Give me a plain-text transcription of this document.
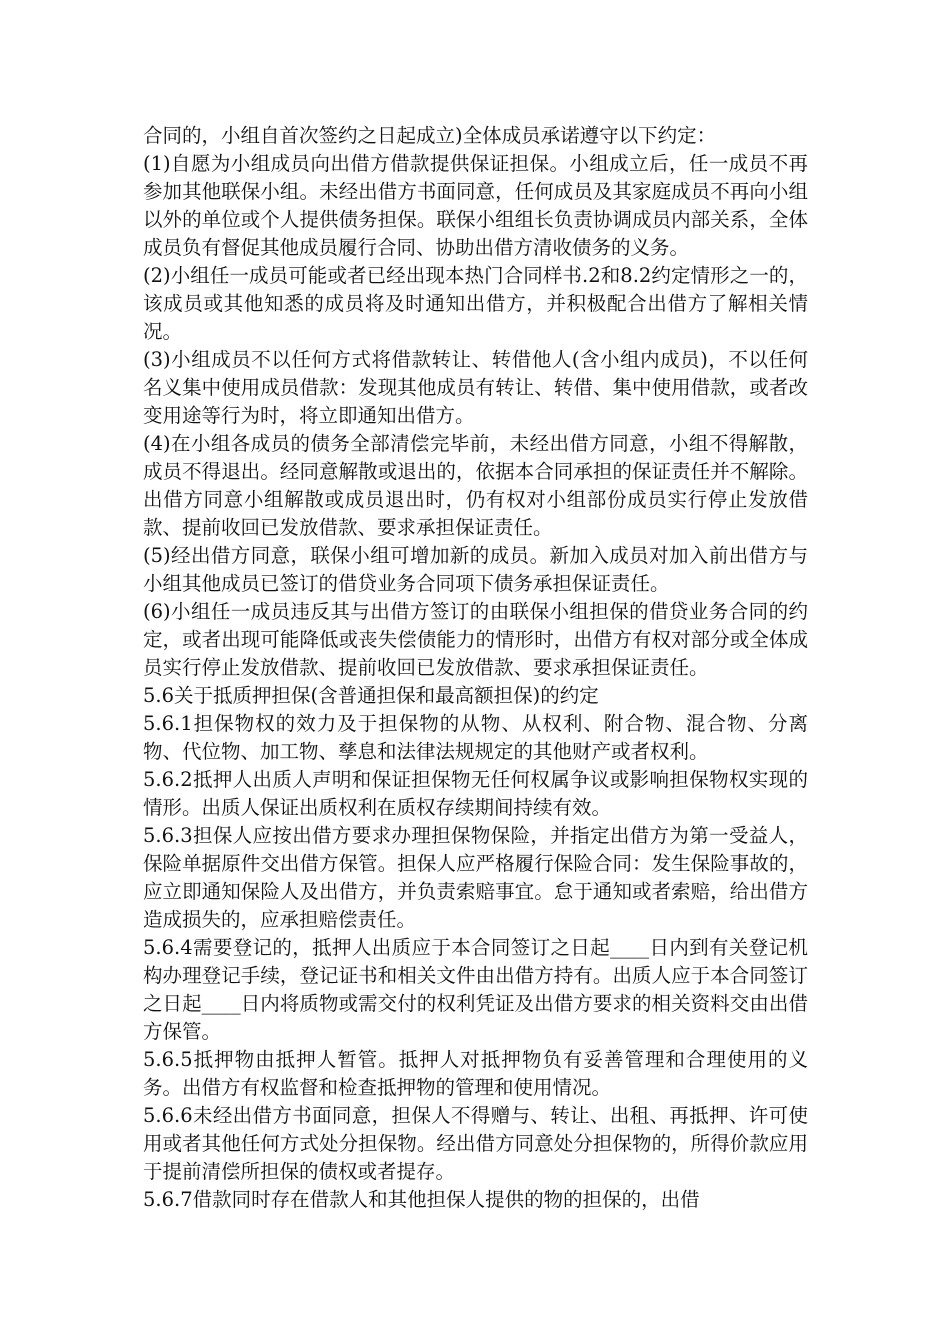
合同的，小组自首次签约之日起成立)全体成员承诺遵守以下约定：

(1)自愿为小组成员向出借方借款提供保证担保。小组成立后，任一成员不再参加其他联保小组。未经出借方书面同意，任何成员及其家庭成员不再向小组以外的单位或个人提供债务担保。联保小组组长负责协调成员内部关系，全体成员负有督促其他成员履行合同、协助出借方清收债务的义务。

(2)小组任一成员可能或者已经出现本热门合同样书.2和8.2约定情形之一的，该成员或其他知悉的成员将及时通知出借方，并积极配合出借方了解相关情况。

(3)小组成员不以任何方式将借款转让、转借他人(含小组内成员)，不以任何名义集中使用成员借款：发现其他成员有转让、转借、集中使用借款，或者改变用途等行为时，将立即通知出借方。

(4)在小组各成员的债务全部清偿完毕前，未经出借方同意，小组不得解散，成员不得退出。经同意解散或退出的，依据本合同承担的保证责任并不解除。出借方同意小组解散或成员退出时，仍有权对小组部份成员实行停止发放借款、提前收回已发放借款、要求承担保证责任。

(5)经出借方同意，联保小组可增加新的成员。新加入成员对加入前出借方与小组其他成员已签订的借贷业务合同项下债务承担保证责任。

(6)小组任一成员违反其与出借方签订的由联保小组担保的借贷业务合同的约定，或者出现可能降低或丧失偿债能力的情形时，出借方有权对部分或全体成员实行停止发放借款、提前收回已发放借款、要求承担保证责任。

5.6关于抵质押担保(含普通担保和最高额担保)的约定

5.6.1担保物权的效力及于担保物的从物、从权利、附合物、混合物、分离物、代位物、加工物、孳息和法律法规规定的其他财产或者权利。

5.6.2抵押人出质人声明和保证担保物无任何权属争议或影响担保物权实现的情形。出质人保证出质权利在质权存续期间持续有效。

5.6.3担保人应按出借方要求办理担保物保险，并指定出借方为第一受益人，保险单据原件交出借方保管。担保人应严格履行保险合同：发生保险事故的，应立即通知保险人及出借方，并负责索赔事宜。怠于通知或者索赔，给出借方造成损失的，应承担赔偿责任。

5.6.4需要登记的，抵押人出质应于本合同签订之日起____日内到有关登记机构办理登记手续，登记证书和相关文件由出借方持有。出质人应于本合同签订之日起____日内将质物或需交付的权利凭证及出借方要求的相关资料交由出借方保管。

5.6.5抵押物由抵押人暂管。抵押人对抵押物负有妥善管理和合理使用的义务。出借方有权监督和检查抵押物的管理和使用情况。

5.6.6未经出借方书面同意，担保人不得赠与、转让、出租、再抵押、许可使用或者其他任何方式处分担保物。经出借方同意处分担保物的，所得价款应用于提前清偿所担保的债权或者提存。

5.6.7借款同时存在借款人和其他担保人提供的物的担保的，出借
